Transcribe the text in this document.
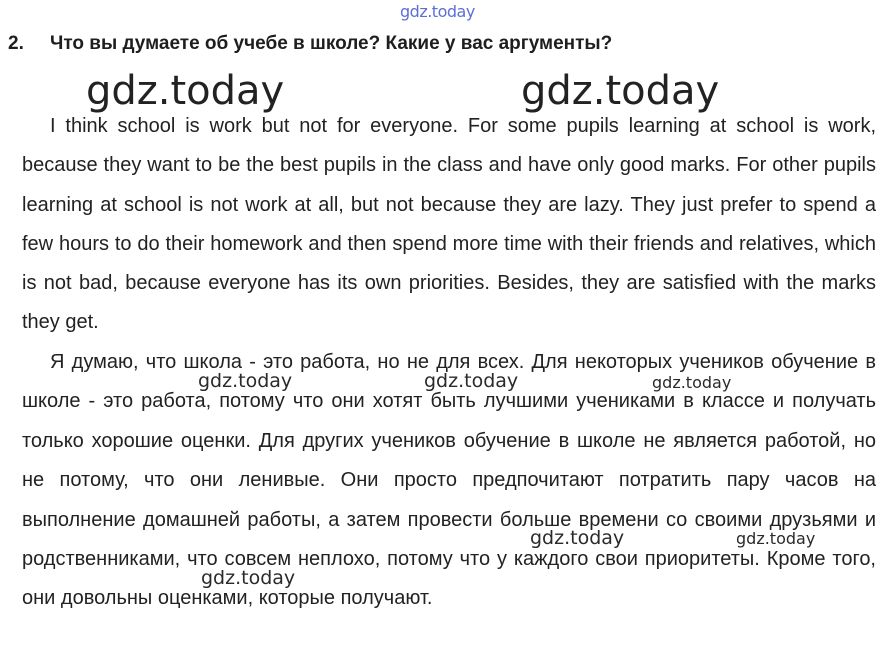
gdz.today
2. Что вы думаете об учебе в школе? Какие у вас аргументы?
gdz.today	gdz.today

I think school is work but not for everyone. For some pupils learning at school is work, because they want to be the best pupils in the class and have only good marks. For other pupils learning at school is not work at all, but not because they are lazy. They just prefer to spend a few hours to do their homework and then spend more time with their friends and relatives, which is not bad, because everyone has its own priorities. Besides, they are satisfied with the marks they get.

Я думаю, что школа - это работа, но не для всех. Для некоторых учеников обучение в школе - это работа, потому что они хотят быть лучшими учениками в классе и получать только хорошие оценки. Для других учеников обучение в школе не является работой, но не потому, что они ленивые. Они просто предпочитают потратить пару часов на выполнение домашней работы, а затем провести больше времени со своими друзьями и родственниками, что совсем неплохо, потому что у каждого свои приоритеты. Кроме того, они довольны оценками, которые получают.

gdz.today	gdz.today	gdz.today
gdz.today	gdz.today
gdz.today
